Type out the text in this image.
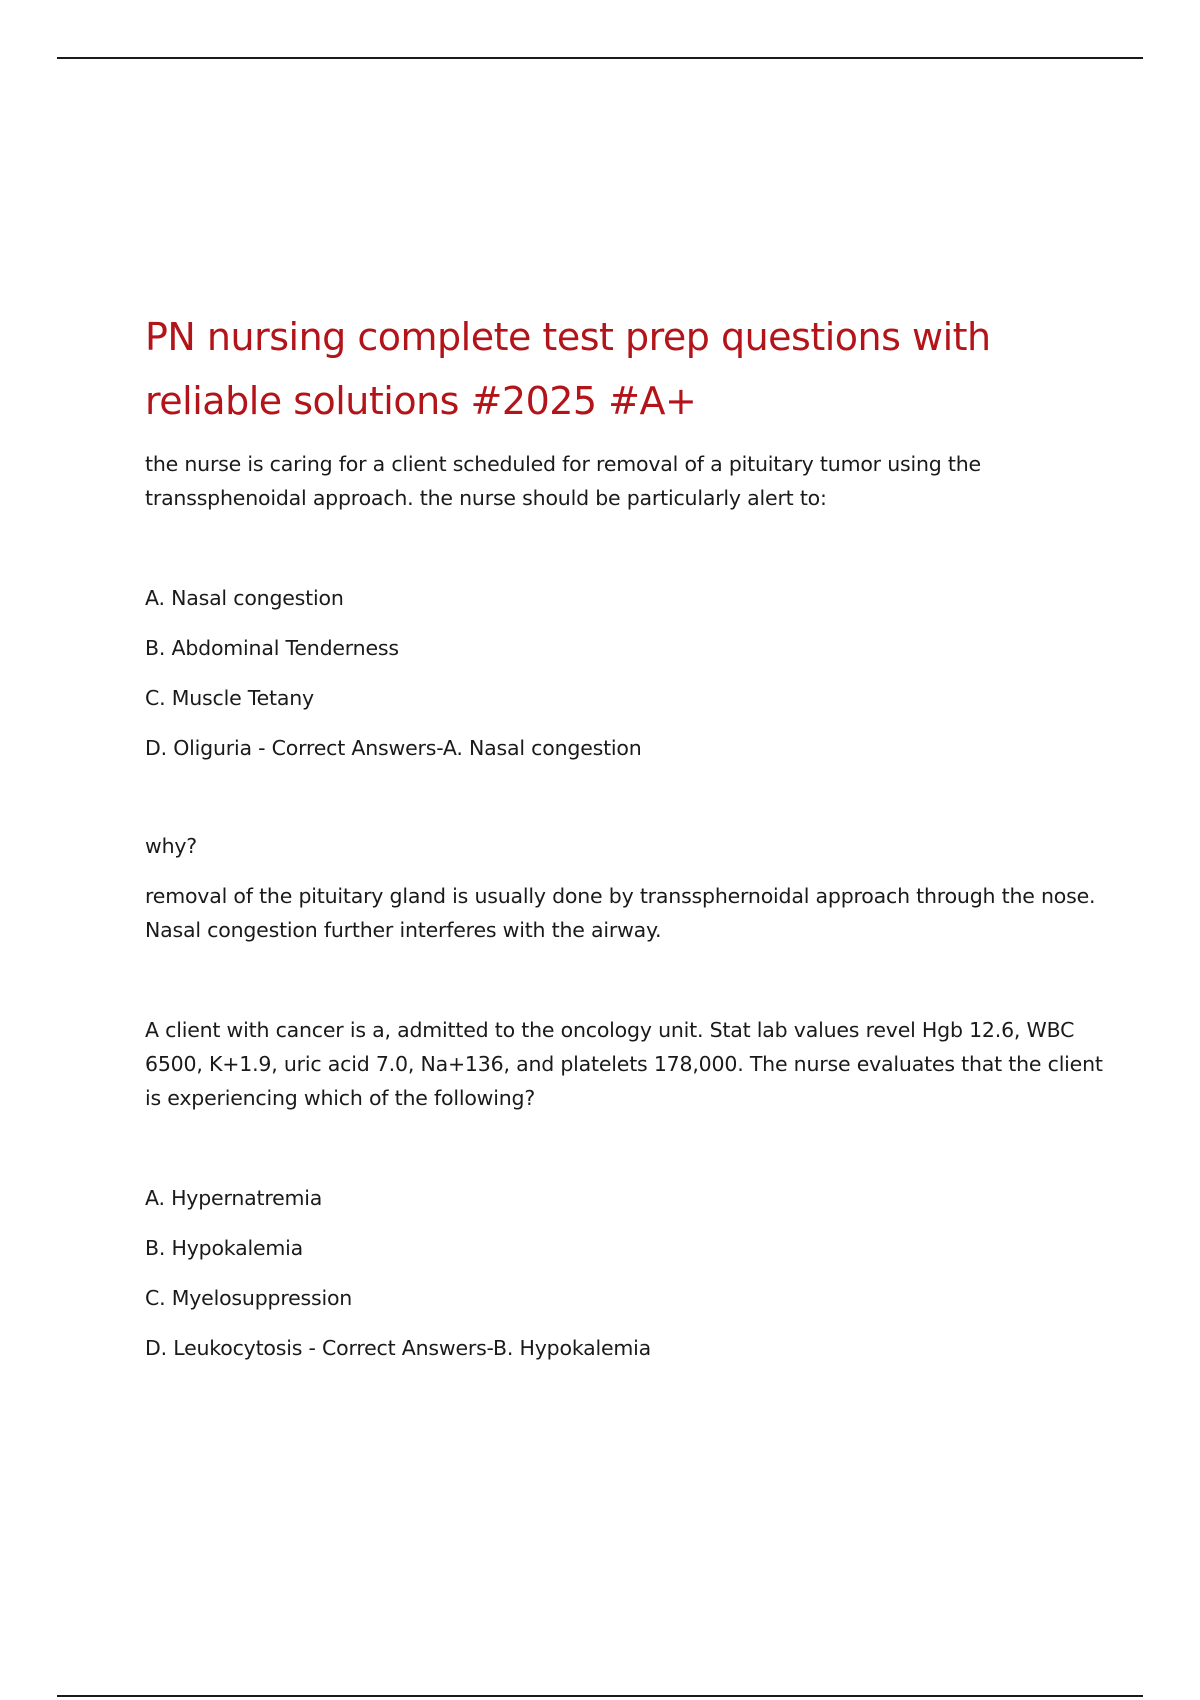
PN nursing complete test prep questions with reliable solutions #2025 #A+

the nurse is caring for a client scheduled for removal of a pituitary tumor using the transsphenoidal approach. the nurse should be particularly alert to:

A. Nasal congestion

B. Abdominal Tenderness

C. Muscle Tetany

D. Oliguria - Correct Answers-A. Nasal congestion

why?

removal of the pituitary gland is usually done by transsphernoidal approach through the nose. Nasal congestion further interferes with the airway.

A client with cancer is a, admitted to the oncology unit. Stat lab values revel Hgb 12.6, WBC 6500, K+1.9, uric acid 7.0, Na+136, and platelets 178,000. The nurse evaluates that the client is experiencing which of the following?

A. Hypernatremia

B. Hypokalemia

C. Myelosuppression

D. Leukocytosis - Correct Answers-B. Hypokalemia
